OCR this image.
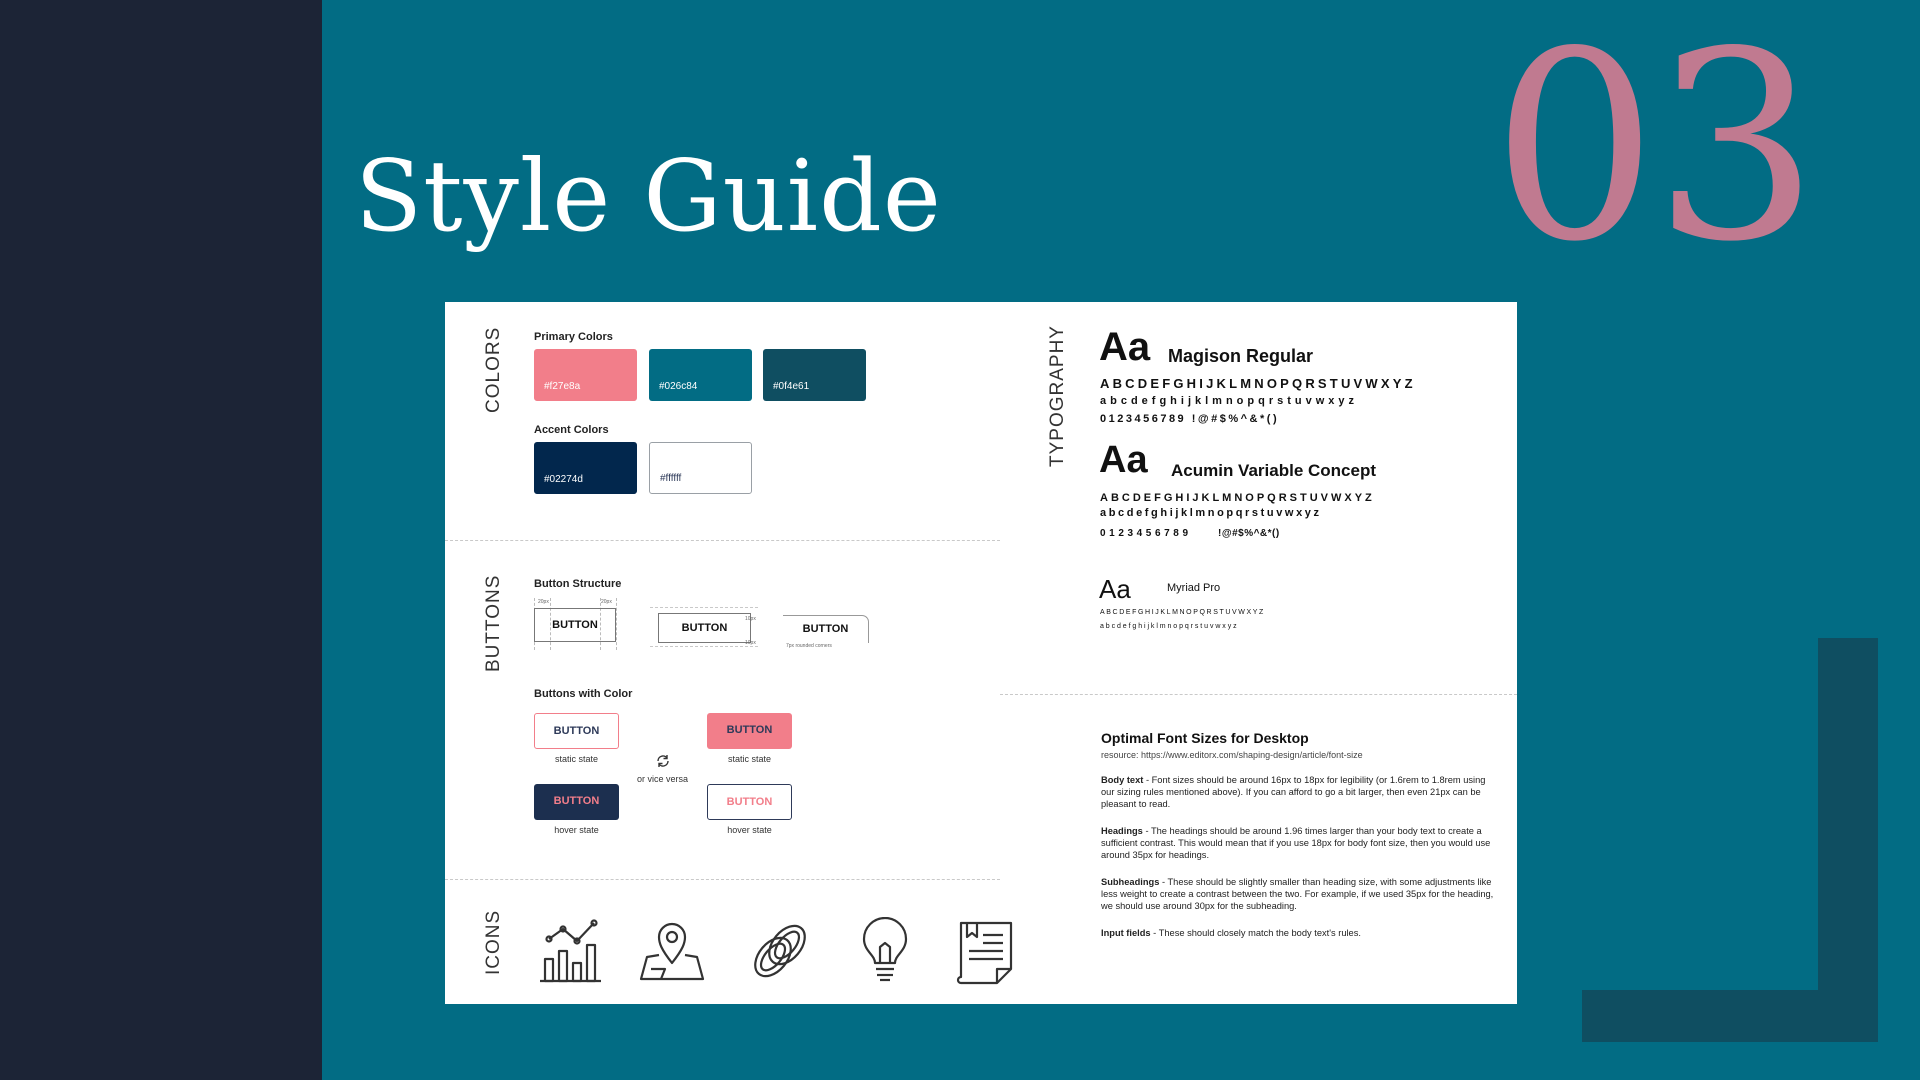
Style Guide 03
COLORS	Primary Colors
#f27e8a	#026c84	#0f4e61
Accent Colors
#02274d	#ffffff
BUTTONS	Button Structure
20px	20px
BUTTON	BUTTON
10px
10px
BUTTON
7px rounded corners
Buttons with Color
BUTTON
static state
BUTTON
hover state
or vice versa
BUTTON
static state
BUTTON
hover state
ICONS
TYPOGRAPHY Aa Magison Regular
ABCDEFGHIJKLMNOPQRSTUVWXYZ
abcdefghijklmnopqrstuvwxyz
0123456789 !@#$%^&*()
Aa Acumin Variable Concept
ABCDEFGHIJKLMNOPQRSTUVWXYZ
abcdefghijklmnopqrstuvwxyz
0123456789	!@#$%^&*()
Aa	Myriad Pro
ABCDEFGHIJKLMNOPQRSTUVWXYZ
abcdefghijklmnopqrstuvwxyz
Optimal Font Sizes for Desktop
resource: https://www.editorx.com/shaping-design/article/font-size
Body text - Font sizes should be around 16px to 18px for legibility (or 1.6rem to 1.8rem using our sizing rules mentioned above). If you can afford to go a bit larger, then even 21px can be pleasant to read.
Headings - The headings should be around 1.96 times larger than your body text to create a sufficient contrast. This would mean that if you use 18px for body font size, then you would use around 35px for headings.
Subheadings - These should be slightly smaller than heading size, with some adjustments like less weight to create a contrast between the two. For example, if we used 35px for the heading, we should use around 30px for the subheading.
Input fields - These should closely match the body text's rules.
